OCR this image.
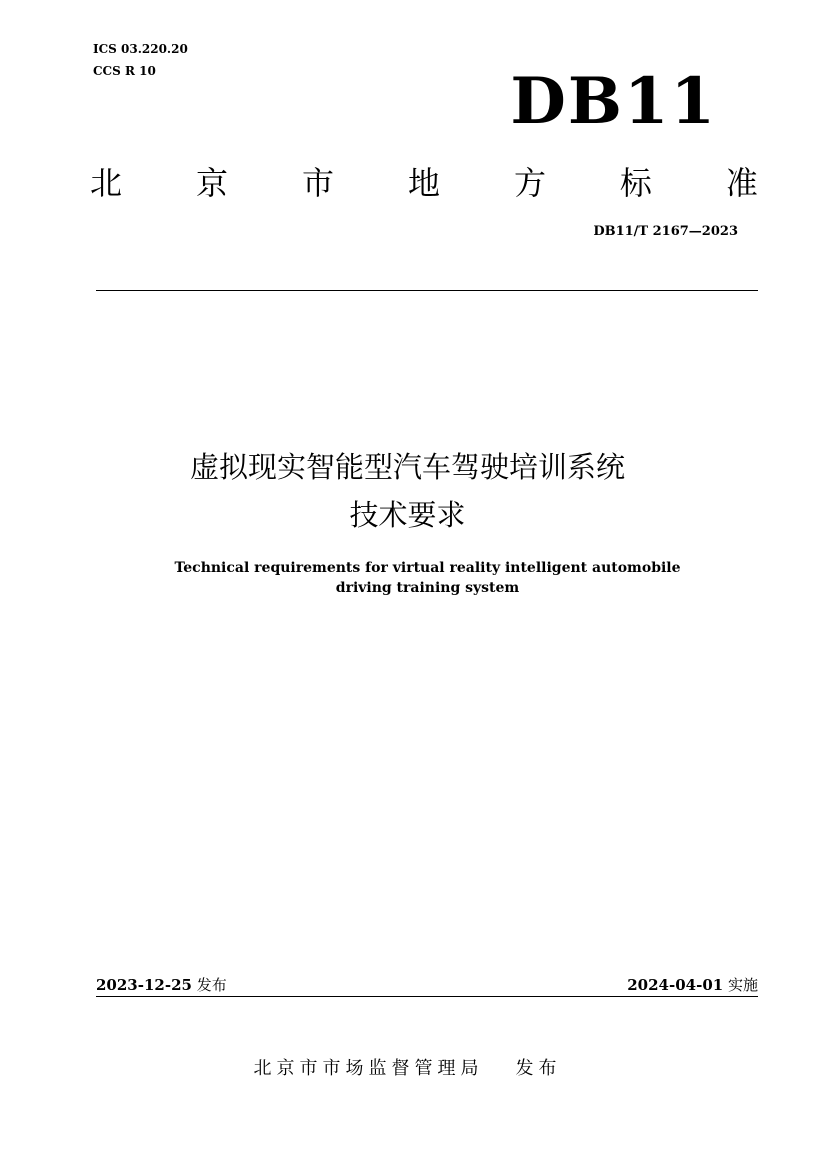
ICS 03.220.20
CCS R 10	DB11
北 京 市 地 方 标 准
DB11/T 2167—2023
虚拟现实智能型汽车驾驶培训系统
技术要求
Technical requirements for virtual reality intelligent automobile
driving training system
2023-12-25 发布	2024-04-01 实施
北京市市场监督管理局 发布
